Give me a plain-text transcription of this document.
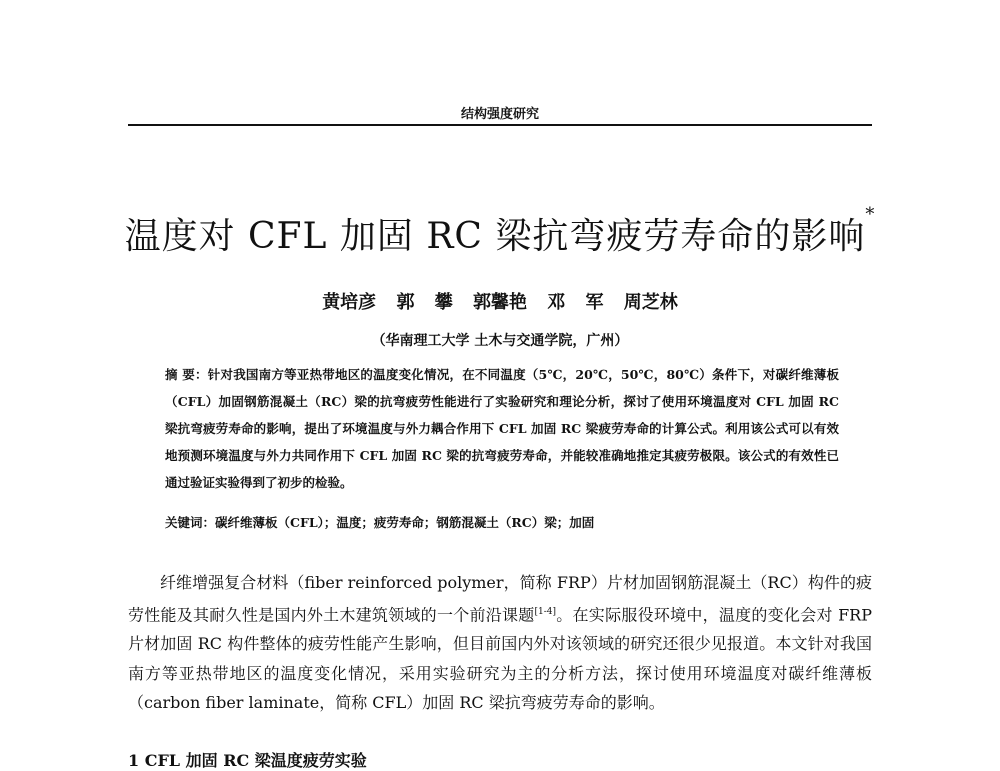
结构强度研究
温度对 CFL 加固 RC 梁抗弯疲劳寿命的影响*
黄培彦 郭 攀 郭馨艳 邓 军 周芝林
（华南理工大学 土木与交通学院，广州）
摘 要：针对我国南方等亚热带地区的温度变化情况，在不同温度（5℃，20℃，50℃，80℃）条件下，对碳纤维薄板（CFL）加固钢筋混凝土（RC）梁的抗弯疲劳性能进行了实验研究和理论分析，探讨了使用环境温度对 CFL 加固 RC 梁抗弯疲劳寿命的影响，提出了环境温度与外力耦合作用下 CFL 加固 RC 梁疲劳寿命的计算公式。利用该公式可以有效地预测环境温度与外力共同作用下 CFL 加固 RC 梁的抗弯疲劳寿命，并能较准确地推定其疲劳极限。该公式的有效性已通过验证实验得到了初步的检验。
关键词：碳纤维薄板（CFL）；温度；疲劳寿命；钢筋混凝土（RC）梁；加固
纤维增强复合材料（fiber reinforced polymer，简称 FRP）片材加固钢筋混凝土（RC）构件的疲劳性能及其耐久性是国内外土木建筑领域的一个前沿课题[1-4]。在实际服役环境中，温度的变化会对 FRP 片材加固 RC 构件整体的疲劳性能产生影响，但目前国内外对该领域的研究还很少见报道。本文针对我国南方等亚热带地区的温度变化情况，采用实验研究为主的分析方法，探讨使用环境温度对碳纤维薄板（carbon fiber laminate，简称 CFL）加固 RC 梁抗弯疲劳寿命的影响。
1 CFL 加固 RC 梁温度疲劳实验
